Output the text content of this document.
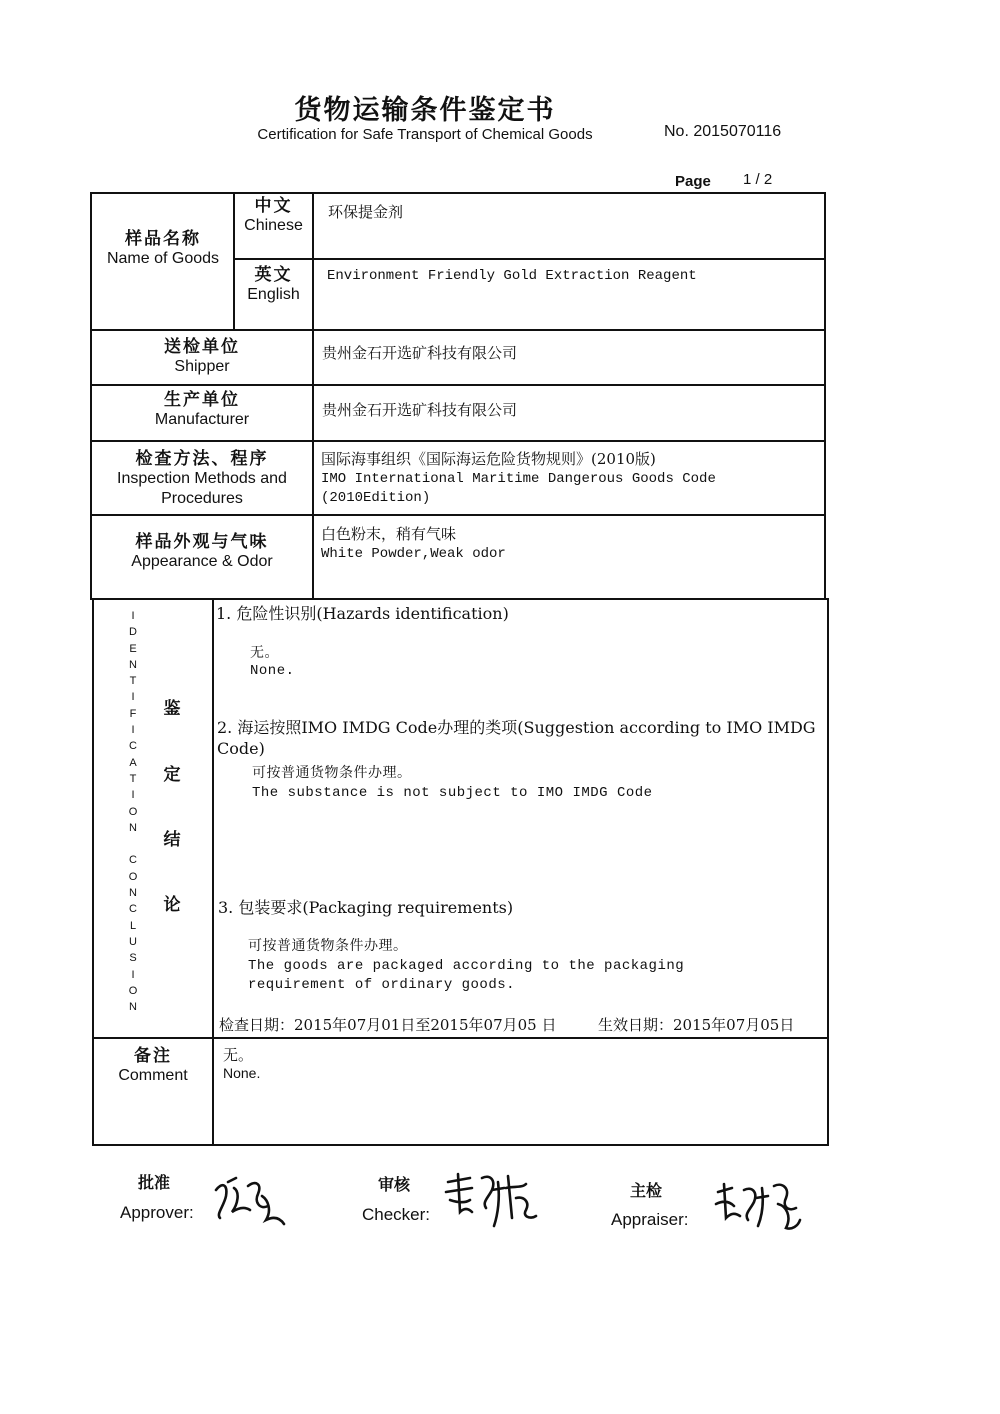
货物运输条件鉴定书
Certification for Safe Transport of Chemical Goods	No. 2015070116
Page 1 / 2
样品名称
Name of Goods
中文
Chinese
环保提金剂
英文
English
Environment Friendly Gold Extraction Reagent
送检单位
Shipper
贵州金石开选矿科技有限公司
生产单位
Manufacturer
贵州金石开选矿科技有限公司
检查方法、程序
Inspection Methods and Procedures
国际海事组织《国际海运危险货物规则》(2010版)
IMO International Maritime Dangerous Goods Code
(2010Edition)
样品外观与气味
Appearance & Odor
白色粉末，稍有气味
White Powder,Weak odor
I
D
E
N
T
I
F
I
C
A
T
I
O
N

C
O
N
C
L
U
S
I
O
N
鉴
定
结
论
1. 危险性识别(Hazards identification)
无。
None.
2. 海运按照IMO IMDG Code办理的类项(Suggestion according to IMO IMDG
Code)
可按普通货物条件办理。
The substance is not subject to IMO IMDG Code
3. 包装要求(Packaging requirements)
可按普通货物条件办理。
The goods are packaged according to the packaging
requirement of ordinary goods.
检查日期：2015年07月01日至2015年07月05 日	生效日期：2015年07月05日
备注
Comment
无。
None.
批准
Approver:
审核
Checker:
主检
Appraiser:
